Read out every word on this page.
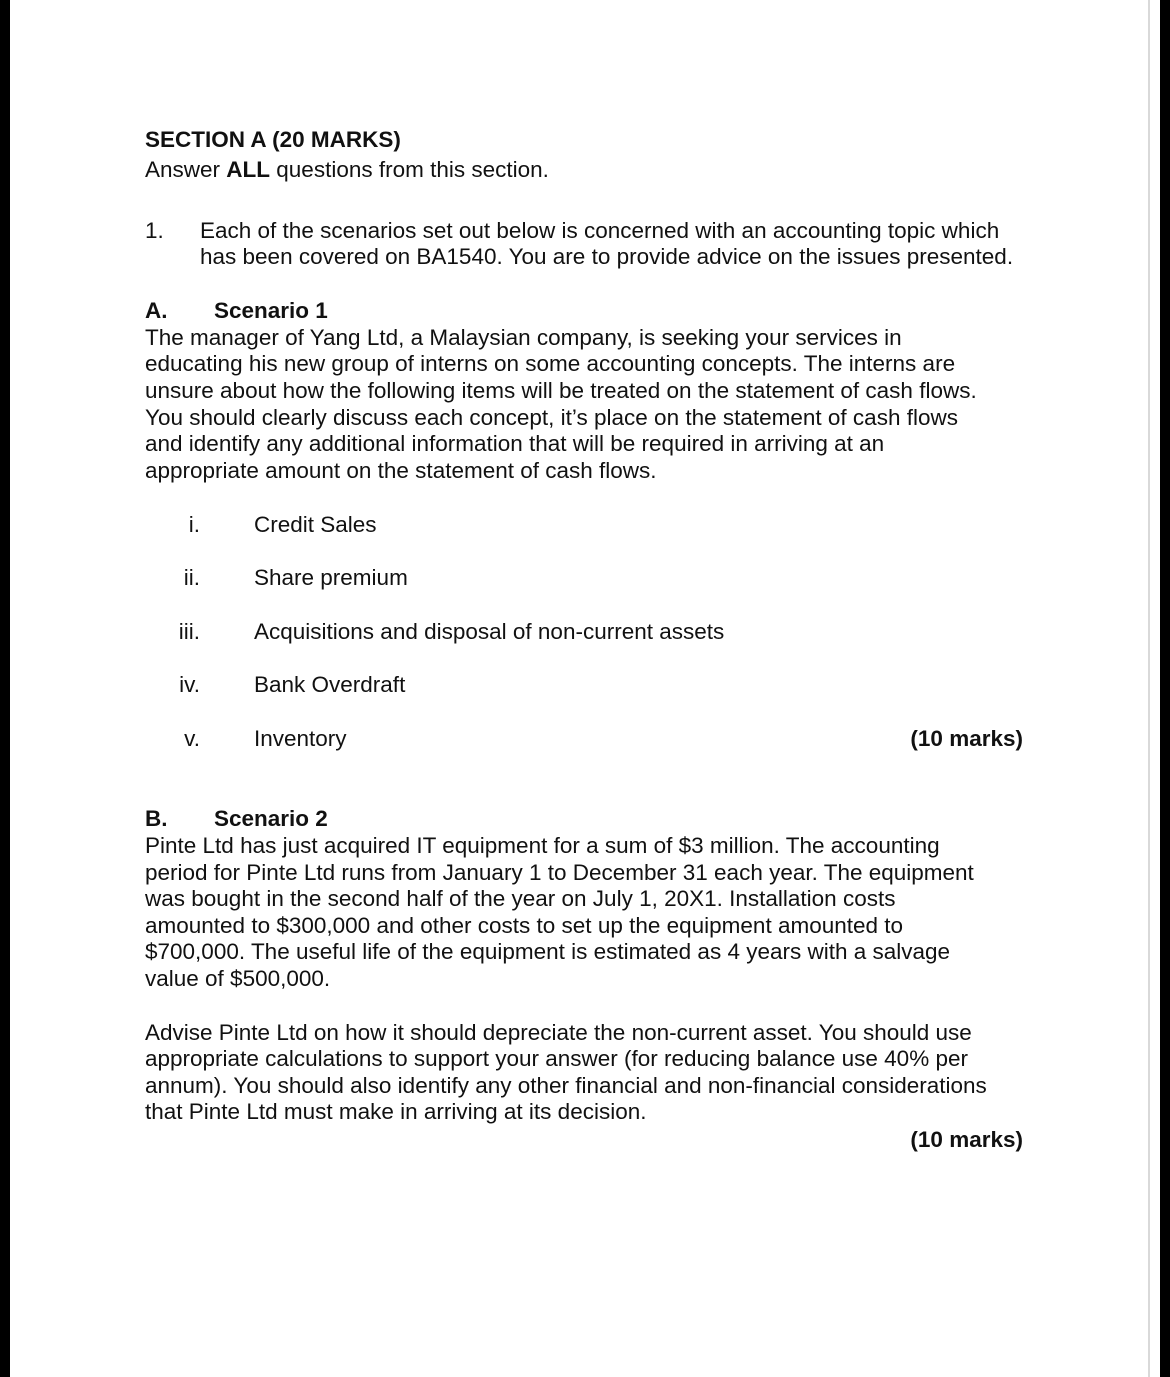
SECTION A (20 MARKS)
Answer ALL questions from this section.
1. Each of the scenarios set out below is concerned with an accounting topic which
has been covered on BA1540. You are to provide advice on the issues presented.
A. Scenario 1
The manager of Yang Ltd, a Malaysian company, is seeking your services in
educating his new group of interns on some accounting concepts. The interns are
unsure about how the following items will be treated on the statement of cash flows.
You should clearly discuss each concept, it’s place on the statement of cash flows
and identify any additional information that will be required in arriving at an
appropriate amount on the statement of cash flows.
i. Credit Sales
ii. Share premium
iii. Acquisitions and disposal of non-current assets
iv. Bank Overdraft
v. Inventory	(10 marks)
B. Scenario 2
Pinte Ltd has just acquired IT equipment for a sum of $3 million. The accounting
period for Pinte Ltd runs from January 1 to December 31 each year. The equipment
was bought in the second half of the year on July 1, 20X1. Installation costs
amounted to $300,000 and other costs to set up the equipment amounted to
$700,000. The useful life of the equipment is estimated as 4 years with a salvage
value of $500,000.
Advise Pinte Ltd on how it should depreciate the non-current asset. You should use
appropriate calculations to support your answer (for reducing balance use 40% per
annum). You should also identify any other financial and non-financial considerations
that Pinte Ltd must make in arriving at its decision.
(10 marks)
